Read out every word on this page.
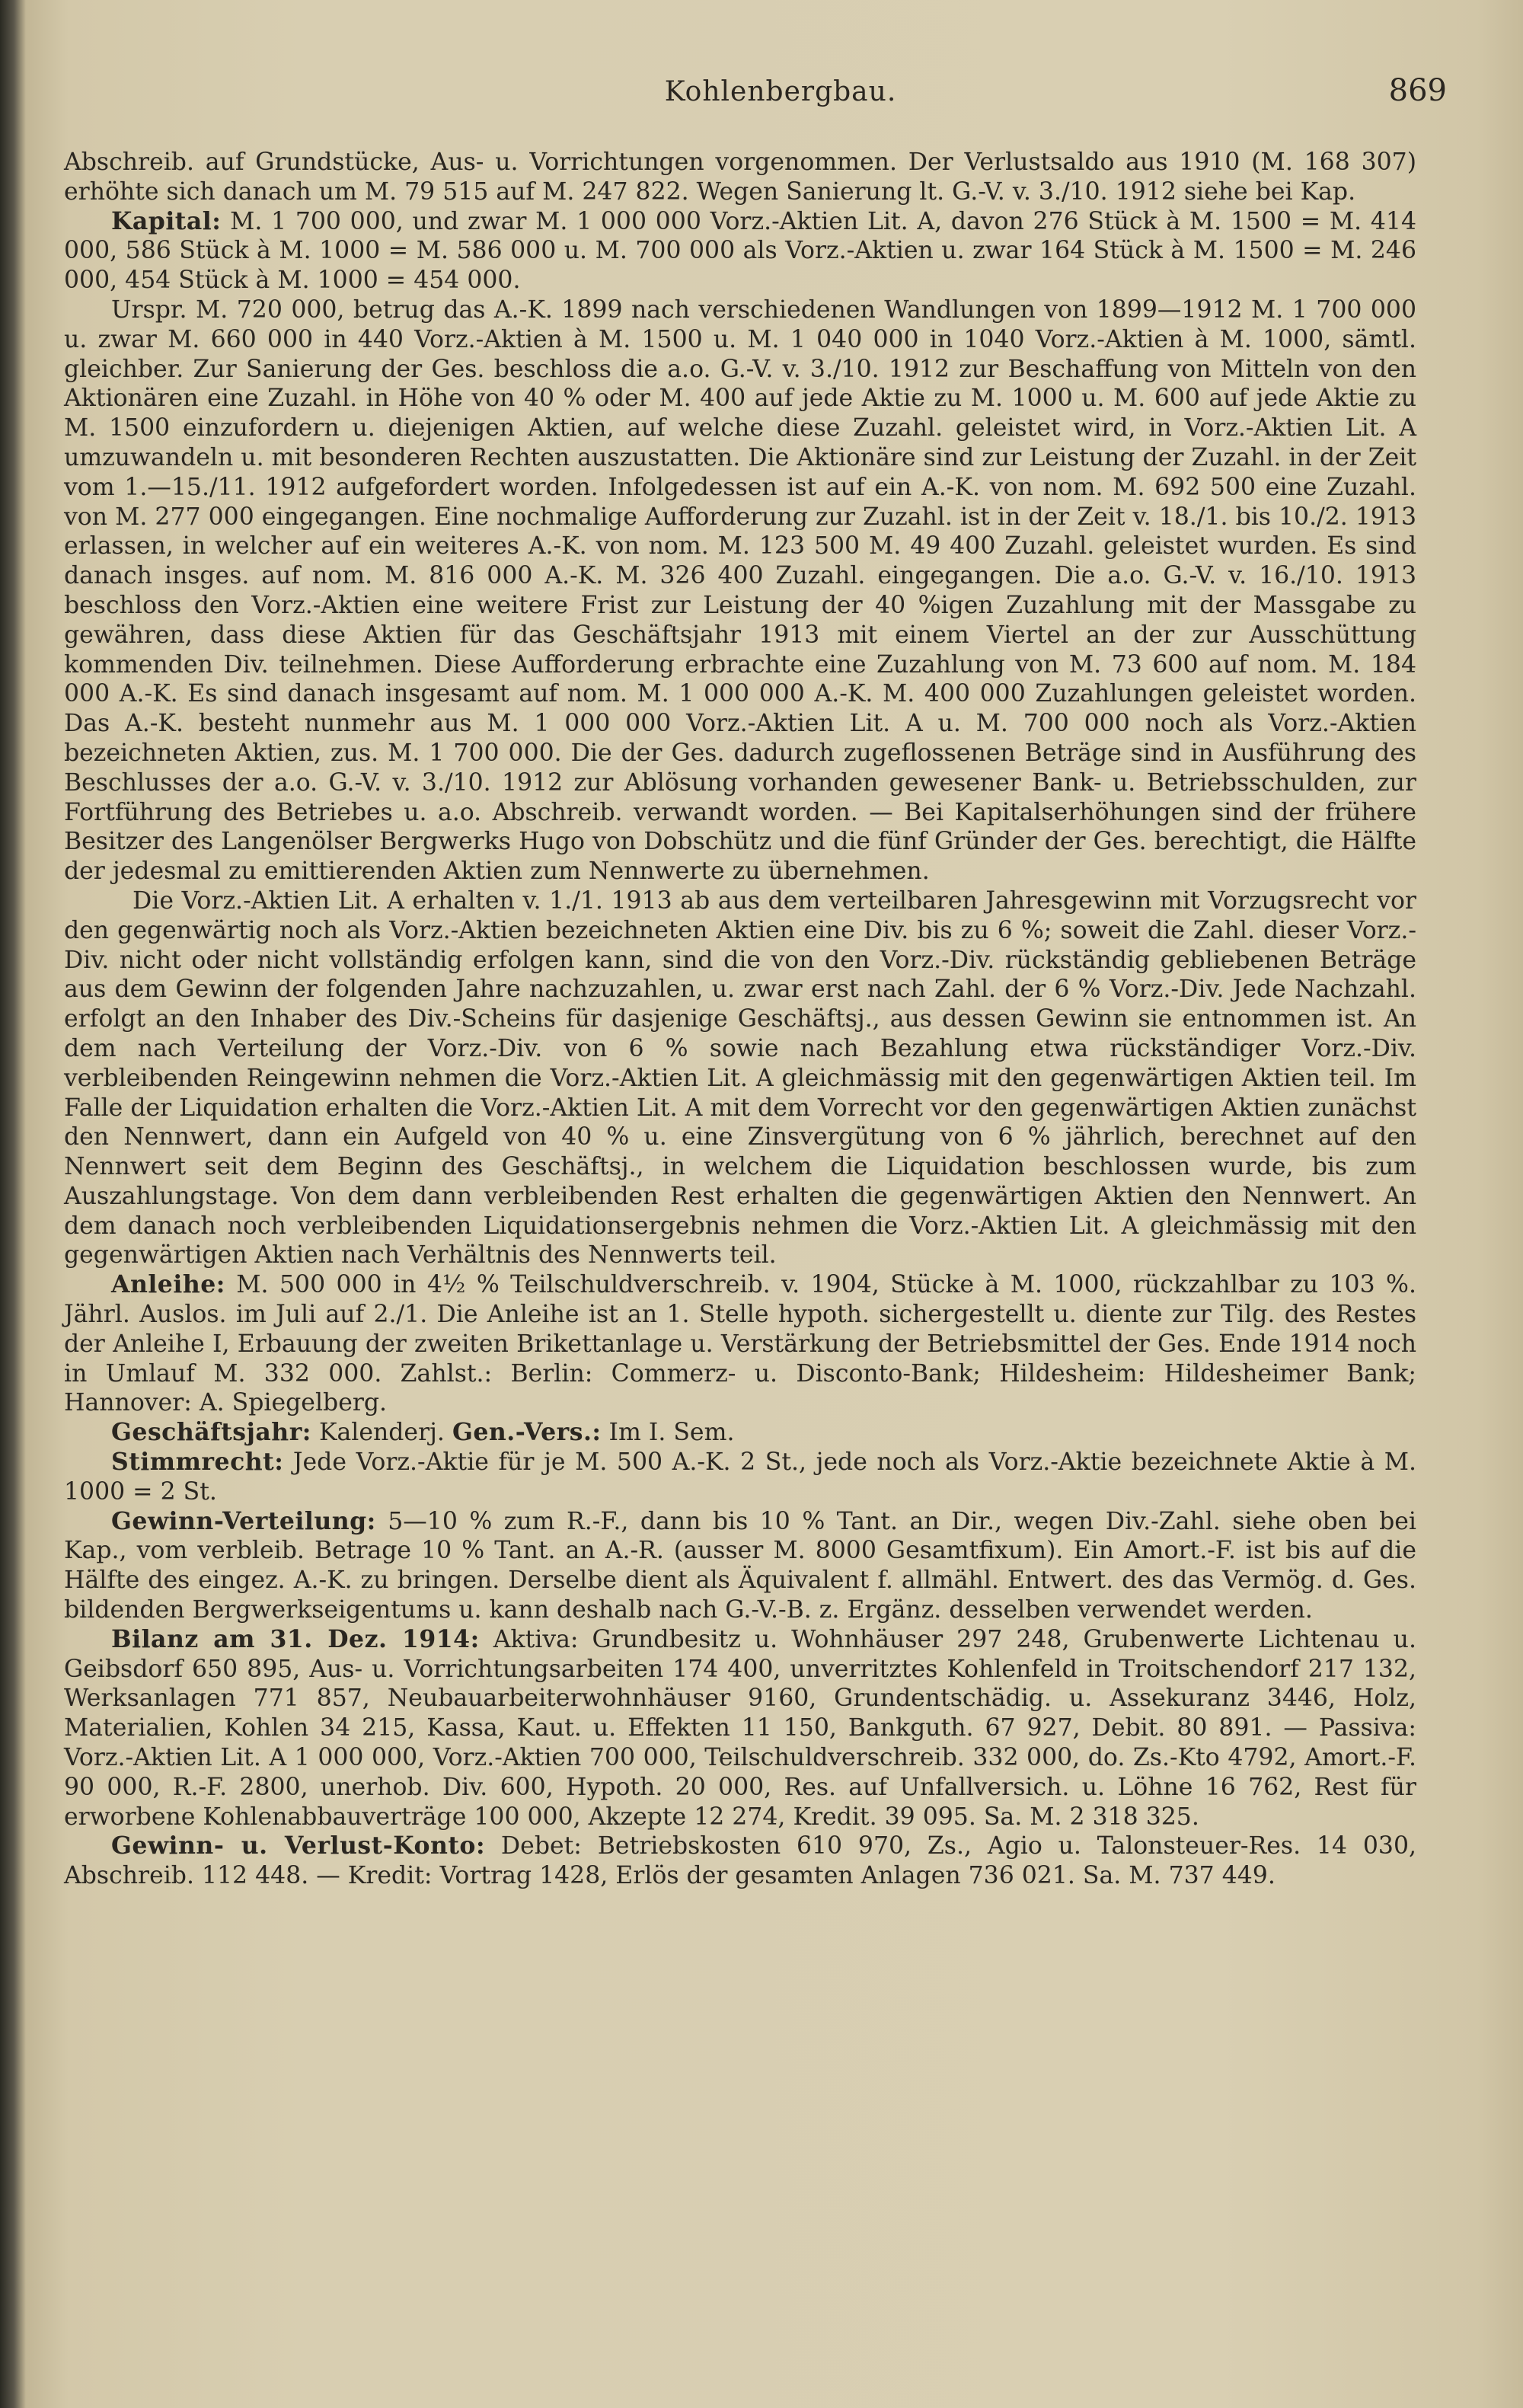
Kohlenbergbau.	869

Abschreib. auf Grundstücke, Aus- u. Vorrichtungen vorgenommen. Der Verlustsaldo aus 1910 (M. 168 307) erhöhte sich danach um M. 79 515 auf M. 247 822. Wegen Sanierung lt. G.-V. v. 3./10. 1912 siehe bei Kap.

Kapital: M. 1 700 000, und zwar M. 1 000 000 Vorz.-Aktien Lit. A, davon 276 Stück à M. 1500 = M. 414 000, 586 Stück à M. 1000 = M. 586 000 u. M. 700 000 als Vorz.-Aktien u. zwar 164 Stück à M. 1500 = M. 246 000, 454 Stück à M. 1000 = 454 000.

Urspr. M. 720 000, betrug das A.-K. 1899 nach verschiedenen Wandlungen von 1899—1912 M. 1 700 000 u. zwar M. 660 000 in 440 Vorz.-Aktien à M. 1500 u. M. 1 040 000 in 1040 Vorz.-Aktien à M. 1000, sämtl. gleichber. Zur Sanierung der Ges. beschloss die a.o. G.-V. v. 3./10. 1912 zur Beschaffung von Mitteln von den Aktionären eine Zuzahl. in Höhe von 40 % oder M. 400 auf jede Aktie zu M. 1000 u. M. 600 auf jede Aktie zu M. 1500 einzufordern u. diejenigen Aktien, auf welche diese Zuzahl. geleistet wird, in Vorz.-Aktien Lit. A umzuwandeln u. mit besonderen Rechten auszustatten. Die Aktionäre sind zur Leistung der Zuzahl. in der Zeit vom 1.—15./11. 1912 aufgefordert worden. Infolgedessen ist auf ein A.-K. von nom. M. 692 500 eine Zuzahl. von M. 277 000 eingegangen. Eine nochmalige Aufforderung zur Zuzahl. ist in der Zeit v. 18./1. bis 10./2. 1913 erlassen, in welcher auf ein weiteres A.-K. von nom. M. 123 500 M. 49 400 Zuzahl. geleistet wurden. Es sind danach insges. auf nom. M. 816 000 A.-K. M. 326 400 Zuzahl. eingegangen. Die a.o. G.-V. v. 16./10. 1913 beschloss den Vorz.-Aktien eine weitere Frist zur Leistung der 40 %igen Zuzahlung mit der Massgabe zu gewähren, dass diese Aktien für das Geschäftsjahr 1913 mit einem Viertel an der zur Ausschüttung kommenden Div. teilnehmen. Diese Aufforderung erbrachte eine Zuzahlung von M. 73 600 auf nom. M. 184 000 A.-K. Es sind danach insgesamt auf nom. M. 1 000 000 A.-K. M. 400 000 Zuzahlungen geleistet worden. Das A.-K. besteht nunmehr aus M. 1 000 000 Vorz.-Aktien Lit. A u. M. 700 000 noch als Vorz.-Aktien bezeichneten Aktien, zus. M. 1 700 000. Die der Ges. dadurch zugeflossenen Beträge sind in Ausführung des Beschlusses der a.o. G.-V. v. 3./10. 1912 zur Ablösung vorhanden gewesener Bank- u. Betriebsschulden, zur Fortführung des Betriebes u. a.o. Abschreib. verwandt worden. — Bei Kapitalserhöhungen sind der frühere Besitzer des Langenölser Bergwerks Hugo von Dobschütz und die fünf Gründer der Ges. berechtigt, die Hälfte der jedesmal zu emittierenden Aktien zum Nennwerte zu übernehmen.

Die Vorz.-Aktien Lit. A erhalten v. 1./1. 1913 ab aus dem verteilbaren Jahresgewinn mit Vorzugsrecht vor den gegenwärtig noch als Vorz.-Aktien bezeichneten Aktien eine Div. bis zu 6 %; soweit die Zahl. dieser Vorz.-Div. nicht oder nicht vollständig erfolgen kann, sind die von den Vorz.-Div. rückständig gebliebenen Beträge aus dem Gewinn der folgenden Jahre nachzuzahlen, u. zwar erst nach Zahl. der 6 % Vorz.-Div. Jede Nachzahl. erfolgt an den Inhaber des Div.-Scheins für dasjenige Geschäftsj., aus dessen Gewinn sie entnommen ist. An dem nach Verteilung der Vorz.-Div. von 6 % sowie nach Bezahlung etwa rückständiger Vorz.-Div. verbleibenden Reingewinn nehmen die Vorz.-Aktien Lit. A gleichmässig mit den gegenwärtigen Aktien teil. Im Falle der Liquidation erhalten die Vorz.-Aktien Lit. A mit dem Vorrecht vor den gegenwärtigen Aktien zunächst den Nennwert, dann ein Aufgeld von 40 % u. eine Zinsvergütung von 6 % jährlich, berechnet auf den Nennwert seit dem Beginn des Geschäftsj., in welchem die Liquidation beschlossen wurde, bis zum Auszahlungstage. Von dem dann verbleibenden Rest erhalten die gegenwärtigen Aktien den Nennwert. An dem danach noch verbleibenden Liquidationsergebnis nehmen die Vorz.-Aktien Lit. A gleichmässig mit den gegenwärtigen Aktien nach Verhältnis des Nennwerts teil.

Anleihe: M. 500 000 in 4½ % Teilschuldverschreib. v. 1904, Stücke à M. 1000, rückzahlbar zu 103 %. Jährl. Auslos. im Juli auf 2./1. Die Anleihe ist an 1. Stelle hypoth. sichergestellt u. diente zur Tilg. des Restes der Anleihe I, Erbauung der zweiten Brikettanlage u. Verstärkung der Betriebsmittel der Ges. Ende 1914 noch in Umlauf M. 332 000. Zahlst.: Berlin: Commerz- u. Disconto-Bank; Hildesheim: Hildesheimer Bank; Hannover: A. Spiegelberg.

Geschäftsjahr: Kalenderj. Gen.-Vers.: Im I. Sem.

Stimmrecht: Jede Vorz.-Aktie für je M. 500 A.-K. 2 St., jede noch als Vorz.-Aktie bezeichnete Aktie à M. 1000 = 2 St.

Gewinn-Verteilung: 5—10 % zum R.-F., dann bis 10 % Tant. an Dir., wegen Div.-Zahl. siehe oben bei Kap., vom verbleib. Betrage 10 % Tant. an A.-R. (ausser M. 8000 Gesamtfixum). Ein Amort.-F. ist bis auf die Hälfte des eingez. A.-K. zu bringen. Derselbe dient als Äquivalent f. allmähl. Entwert. des das Vermög. d. Ges. bildenden Bergwerkseigentums u. kann deshalb nach G.-V.-B. z. Ergänz. desselben verwendet werden.

Bilanz am 31. Dez. 1914: Aktiva: Grundbesitz u. Wohnhäuser 297 248, Grubenwerte Lichtenau u. Geibsdorf 650 895, Aus- u. Vorrichtungsarbeiten 174 400, unverritztes Kohlenfeld in Troitschendorf 217 132, Werksanlagen 771 857, Neubauarbeiterwohnhäuser 9160, Grundentschädig. u. Assekuranz 3446, Holz, Materialien, Kohlen 34 215, Kassa, Kaut. u. Effekten 11 150, Bankguth. 67 927, Debit. 80 891. — Passiva: Vorz.-Aktien Lit. A 1 000 000, Vorz.-Aktien 700 000, Teilschuldverschreib. 332 000, do. Zs.-Kto 4792, Amort.-F. 90 000, R.-F. 2800, unerhob. Div. 600, Hypoth. 20 000, Res. auf Unfallversich. u. Löhne 16 762, Rest für erworbene Kohlenabbauverträge 100 000, Akzepte 12 274, Kredit. 39 095. Sa. M. 2 318 325.

Gewinn- u. Verlust-Konto: Debet: Betriebskosten 610 970, Zs., Agio u. Talonsteuer-Res. 14 030, Abschreib. 112 448. — Kredit: Vortrag 1428, Erlös der gesamten Anlagen 736 021. Sa. M. 737 449.
